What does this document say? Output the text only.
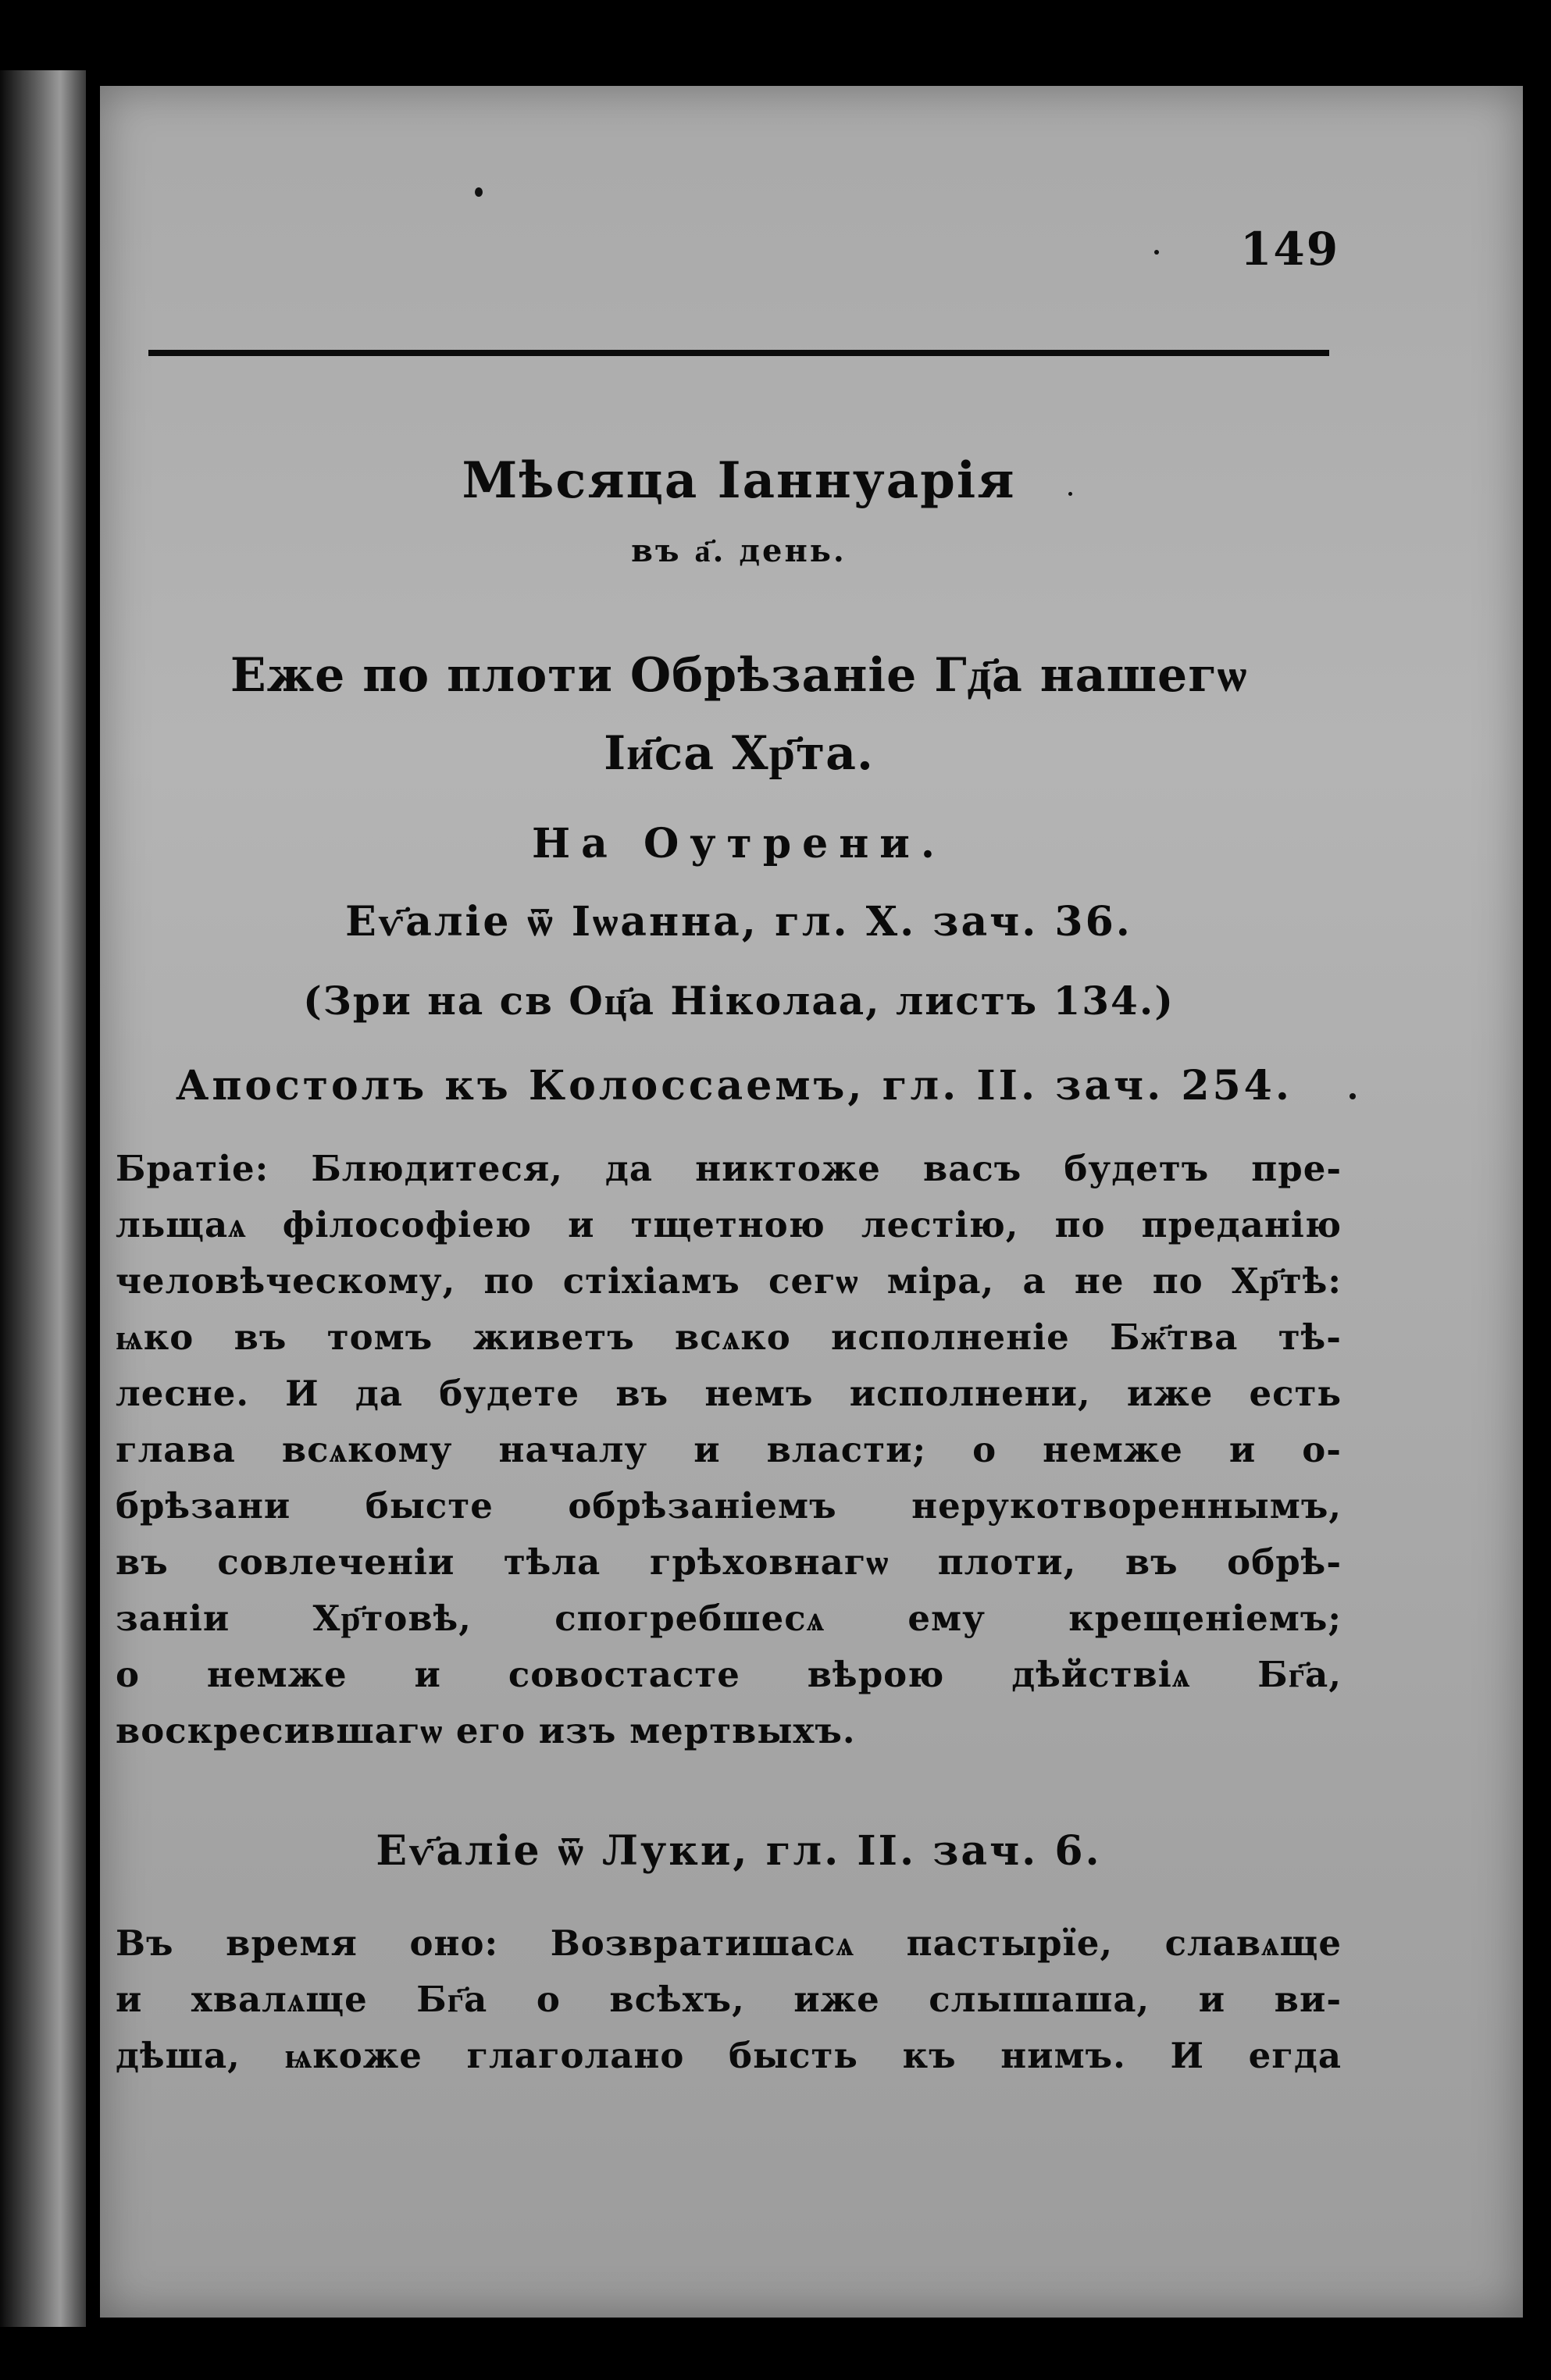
149
Мѣсяца Іаннуарія
въ а҃. день.
Еже по плоти Обрѣзаніе Гд҃а нашегѡ
Іи҃са Хр҃та.
На Оутрени.
Еѵ҃аліе ѿ Іѡанна, гл. Х. зач. 36.
(Зри на св Оц҃а Ніколаа, листъ 134.)
Апостолъ къ Колоссаемъ, гл. II. зач. 254.
Братіе: Блюдитеся, да никтоже васъ будетъ пре-
льщаѧ філософіею и тщетною лестію, по преданію
человѣческому, по стіхіамъ сегѡ міра, а не по Хр҃тѣ:
ѩко въ томъ живетъ всѧко исполненіе Бж҃тва тѣ-
лесне. И да будете въ немъ исполнени, иже есть
глава всѧкому началу и власти; о немже и о-
брѣзани бысте обрѣзаніемъ нерукотвореннымъ,
въ совлеченіи тѣла грѣховнагѡ плоти, въ обрѣ-
заніи Хр҃товѣ, спогребшесѧ ему крещеніемъ;
о немже и совостасте вѣрою дѣйствіѧ Бг҃а,
воскресившагѡ его изъ мертвыхъ.
Еѵ҃аліе ѿ Луки, гл. II. зач. 6.
Въ время оно: Возвратишасѧ пастырїе, славѧще
и хвалѧще Бг҃а о всѣхъ, иже слышаша, и ви-
дѣша, ѩкоже глаголано бысть къ нимъ. И егда
